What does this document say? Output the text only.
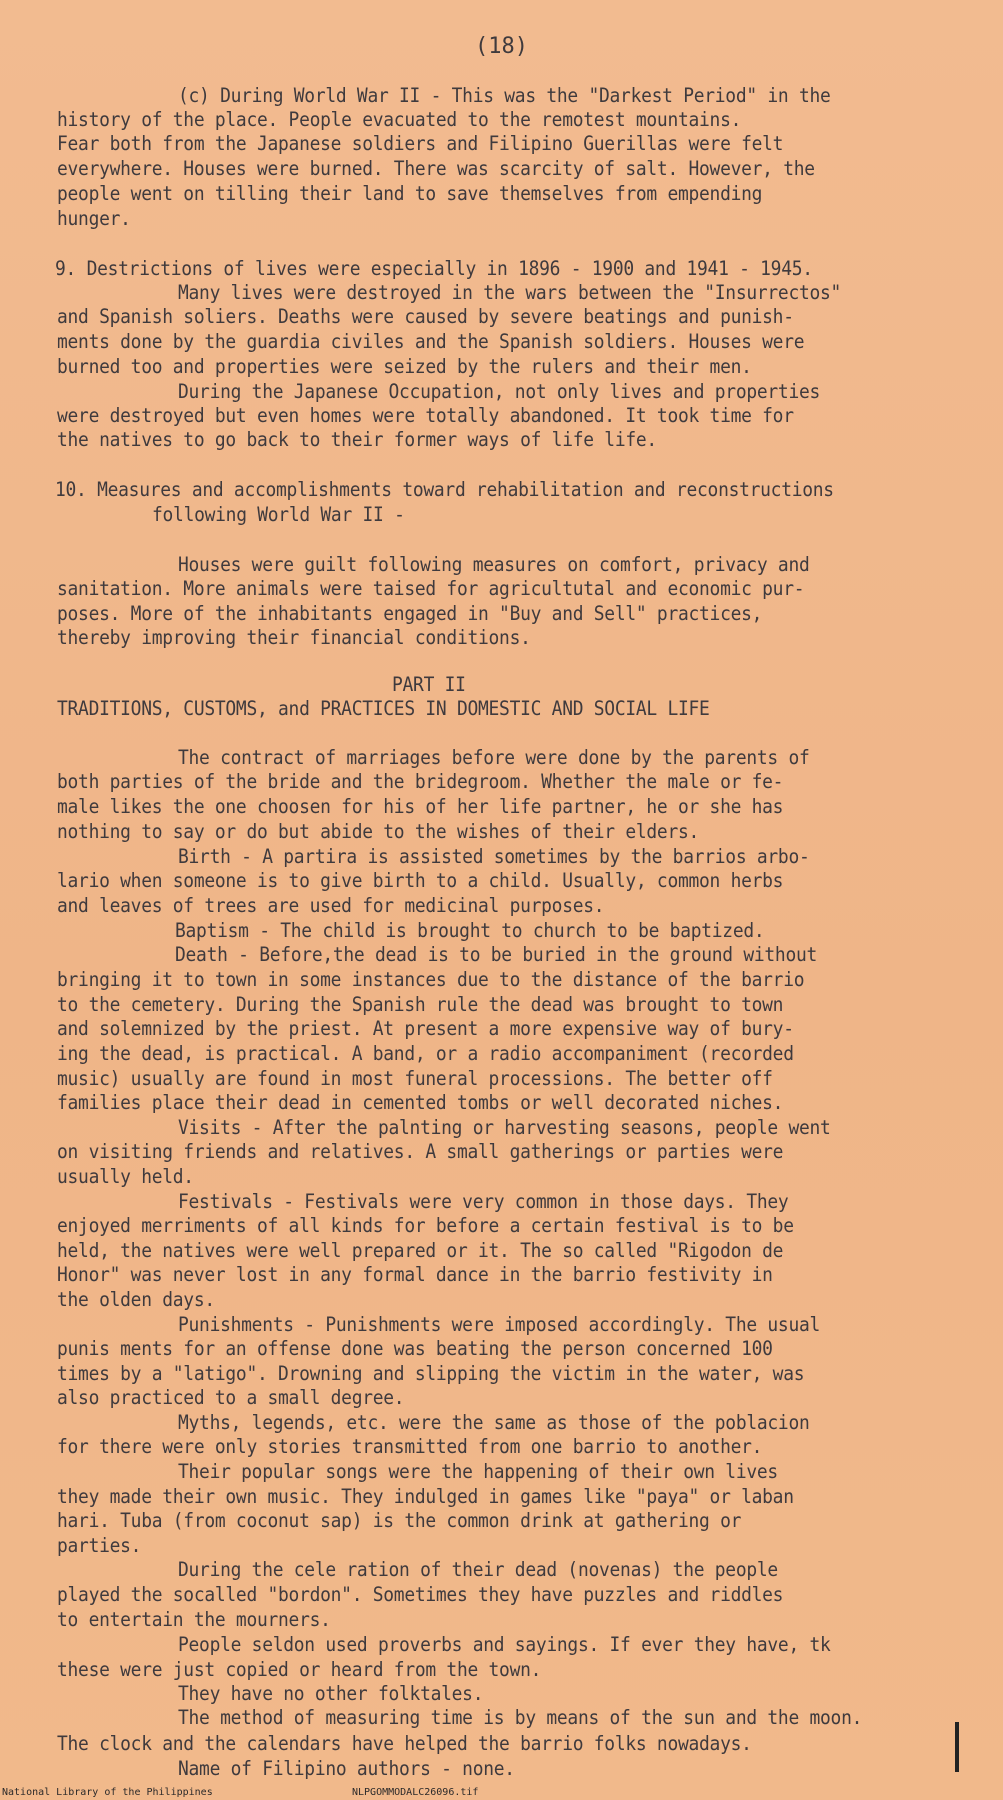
(18)
(c) During World War II - This was the "Darkest Period" in the
history of the place. People evacuated to the remotest mountains.
Fear both from the Japanese soldiers and Filipino Guerillas were felt
everywhere. Houses were burned. There was scarcity of salt. However, the
people went on tilling their land to save themselves from empending
hunger.
9. Destrictions of lives were especially in 1896 - 1900 and 1941 - 1945.
Many lives were destroyed in the wars between the "Insurrectos"
and Spanish soliers. Deaths were caused by severe beatings and punish-
ments done by the guardia civiles and the Spanish soldiers. Houses were
burned too and properties were seized by the rulers and their men.
During the Japanese Occupation, not only lives and properties
were destroyed but even homes were totally abandoned. It took time for
the natives to go back to their former ways of life life.
10. Measures and accomplishments toward rehabilitation and reconstructions
following World War II -
Houses were guilt following measures on comfort, privacy and
sanitation. More animals were taised for agricultutal and economic pur-
poses. More of the inhabitants engaged in "Buy and Sell" practices,
thereby improving their financial conditions.
PART II
TRADITIONS, CUSTOMS, and PRACTICES IN DOMESTIC AND SOCIAL LIFE
The contract of marriages before were done by the parents of
both parties of the bride and the bridegroom. Whether the male or fe-
male likes the one choosen for his of her life partner, he or she has
nothing to say or do but abide to the wishes of their elders.
Birth - A partira is assisted sometimes by the barrios arbo-
lario when someone is to give birth to a child. Usually, common herbs
and leaves of trees are used for medicinal purposes.
Baptism - The child is brought to church to be baptized.
Death - Before,the dead is to be buried in the ground without
bringing it to town in some instances due to the distance of the barrio
to the cemetery. During the Spanish rule the dead was brought to town
and solemnized by the priest. At present a more expensive way of bury-
ing the dead, is practical. A band, or a radio accompaniment (recorded
music) usually are found in most funeral processions. The better off
families place their dead in cemented tombs or well decorated niches.
Visits - After the palnting or harvesting seasons, people went
on visiting friends and relatives. A small gatherings or parties were
usually held.
Festivals - Festivals were very common in those days. They
enjoyed merriments of all kinds for before a certain festival is to be
held, the natives were well prepared or it. The so called "Rigodon de
Honor" was never lost in any formal dance in the barrio festivity in
the olden days.
Punishments - Punishments were imposed accordingly. The usual
punis ments for an offense done was beating the person concerned 100
times by a "latigo". Drowning and slipping the victim in the water, was
also practiced to a small degree.
Myths, legends, etc. were the same as those of the poblacion
for there were only stories transmitted from one barrio to another.
Their popular songs were the happening of their own lives
they made their own music. They indulged in games like "paya" or laban
hari. Tuba (from coconut sap) is the common drink at gathering or
parties.
During the cele ration of their dead (novenas) the people
played the socalled "bordon". Sometimes they have puzzles and riddles
to entertain the mourners.
People seldon used proverbs and sayings. If ever they have, tk
these were just copied or heard from the town.
They have no other folktales.
The method of measuring time is by means of the sun and the moon.
The clock and the calendars have helped the barrio folks nowadays.
Name of Filipino authors - none.
National Library of the Philippines	NLPGOMMODALC26096.tif
